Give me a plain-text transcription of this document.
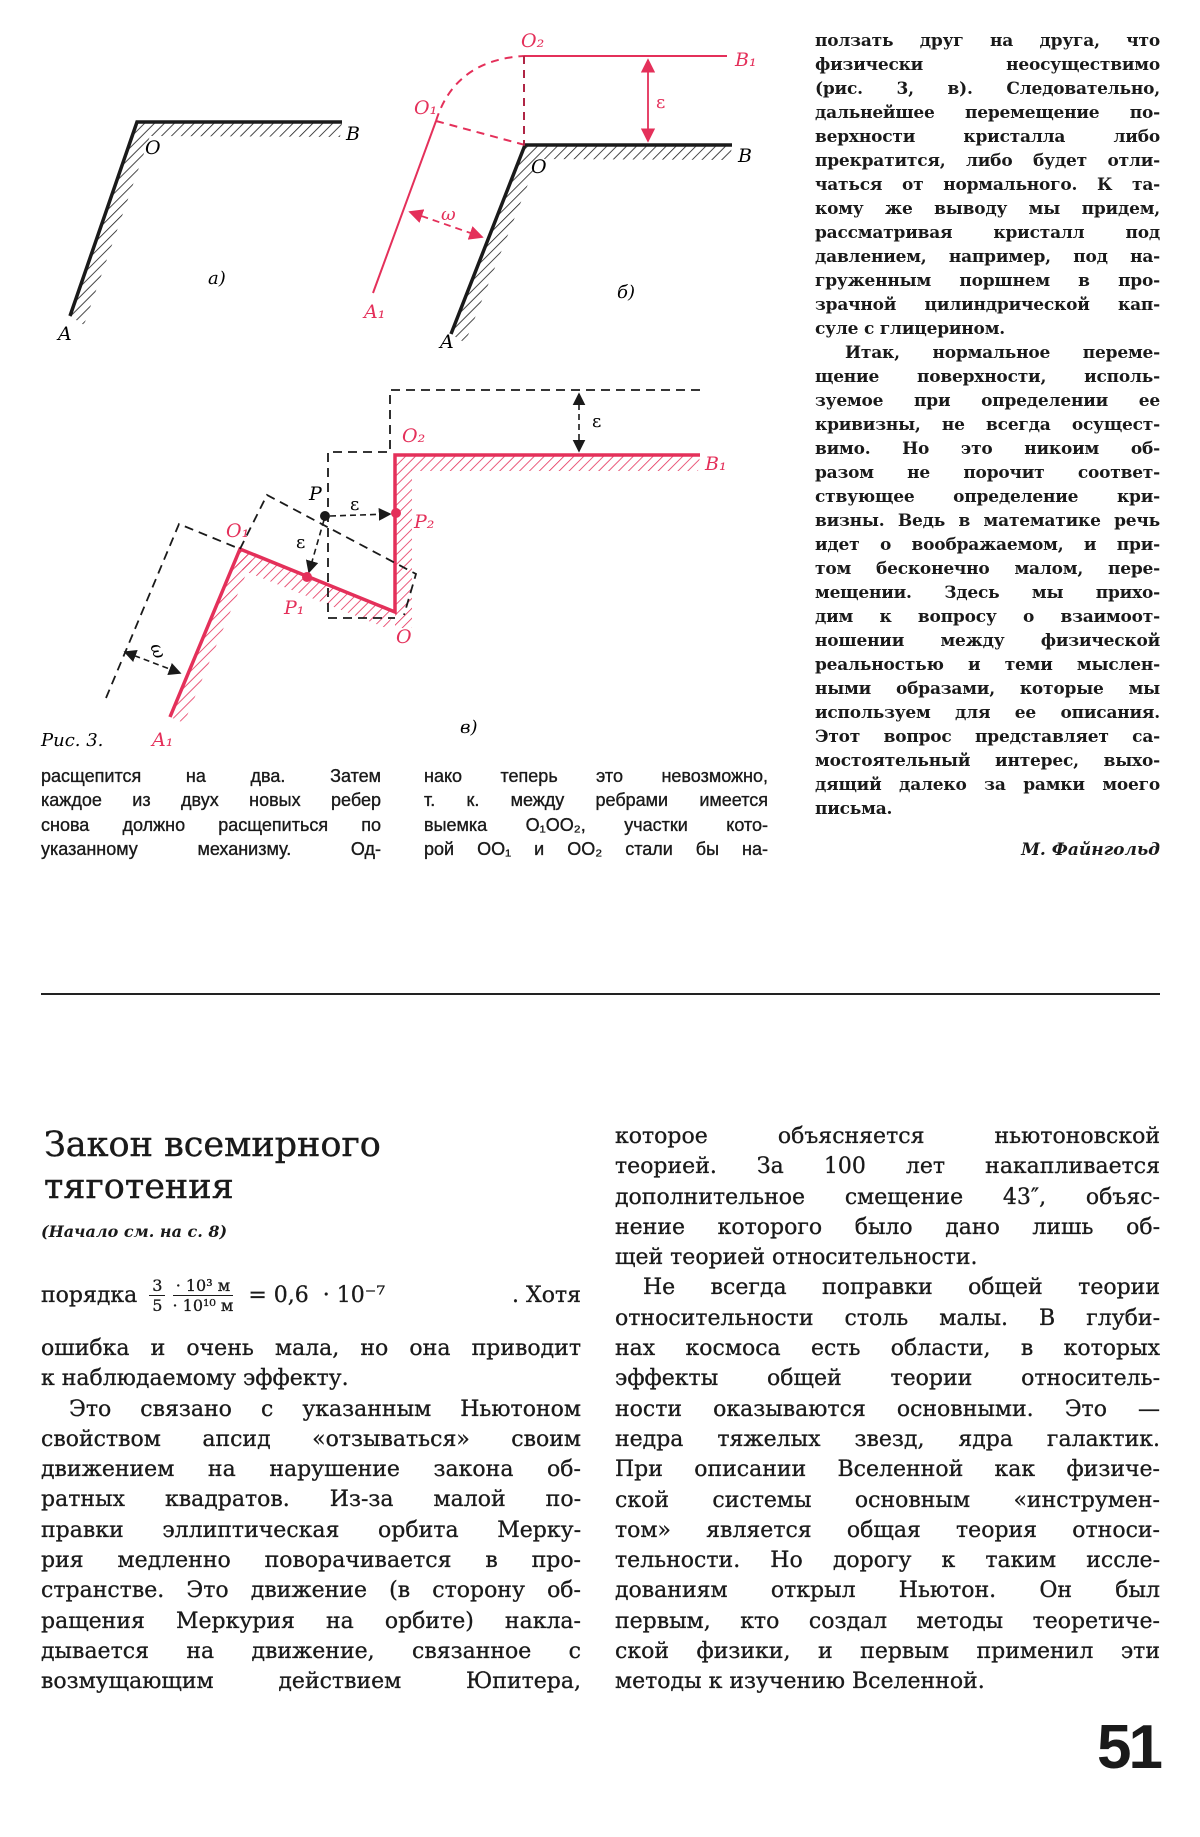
O
B
A
а)
O₂
B₁
O₁
O	B
A₁
A
ε
ω
б)
O₂
B₁
P ε
P₂
O₁
ε
P₁
O
ω
ε
A₁
в)
Рис. 3.
ползать друг на друга, что
физически неосуществимо
(рис. 3, в). Следовательно,
дальнейшее перемещение по-
верхности кристалла либо
прекратится, либо будет отли-
чаться от нормального. К та-
кому же выводу мы придем,
рассматривая кристалл под
давлением, например, под на-
груженным поршнем в про-
зрачной цилиндрической кап-
суле с глицерином.
Итак, нормальное переме-
щение поверхности, исполь-
зуемое при определении ее
кривизны, не всегда осущест-
вимо. Но это никоим об-
разом не порочит соответ-
ствующее определение кри-
визны. Ведь в математике речь
идет о воображаемом, и при-
том бесконечно малом, пере-
мещении. Здесь мы прихо-
дим к вопросу о взаимоот-
ношении между физической
реальностью и теми мыслен-
ными образами, которые мы
используем для ее описания.
Этот вопрос представляет са-
мостоятельный интерес, выхо-
дящий далеко за рамки моего
письма.
расщепится на два. Затем
каждое из двух новых ребер
снова должно расщепиться по
указанному механизму. Од-
нако теперь это невозможно,
т. к. между ребрами имеется
выемка O₁OO₂, участки кото-
рой OO₁ и OO₂ стали бы на-	М. Файнгольд
Закон всемирного
тяготения
(Начало см. на с. 8)
порядка $\frac{3}{5} \frac{\text{· 10³ м}}{\text{· 10¹⁰ м}} = 0,6 \cdot 10^{-7}$	. Хотя
ошибка и очень мала, но она приводит
к наблюдаемому эффекту.
Это связано с указанным Ньютоном
свойством апсид «отзываться» своим
движением на нарушение закона об-
ратных квадратов. Из-за малой по-
правки эллиптическая орбита Мерку-
рия медленно поворачивается в про-
странстве. Это движение (в сторону об-
ращения Меркурия на орбите) накла-
дывается на движение, связанное с
возмущающим действием Юпитера,
которое объясняется ньютоновской
теорией. За 100 лет накапливается
дополнительное смещение 43″, объяс-
нение которого было дано лишь об-
щей теорией относительности.
Не всегда поправки общей теории
относительности столь малы. В глуби-
нах космоса есть области, в которых
эффекты общей теории относитель-
ности оказываются основными. Это —
недра тяжелых звезд, ядра галактик.
При описании Вселенной как физиче-
ской системы основным «инструмен-
том» является общая теория относи-
тельности. Но дорогу к таким иссле-
дованиям открыл Ньютон. Он был
первым, кто создал методы теоретиче-
ской физики, и первым применил эти
методы к изучению Вселенной.
51
